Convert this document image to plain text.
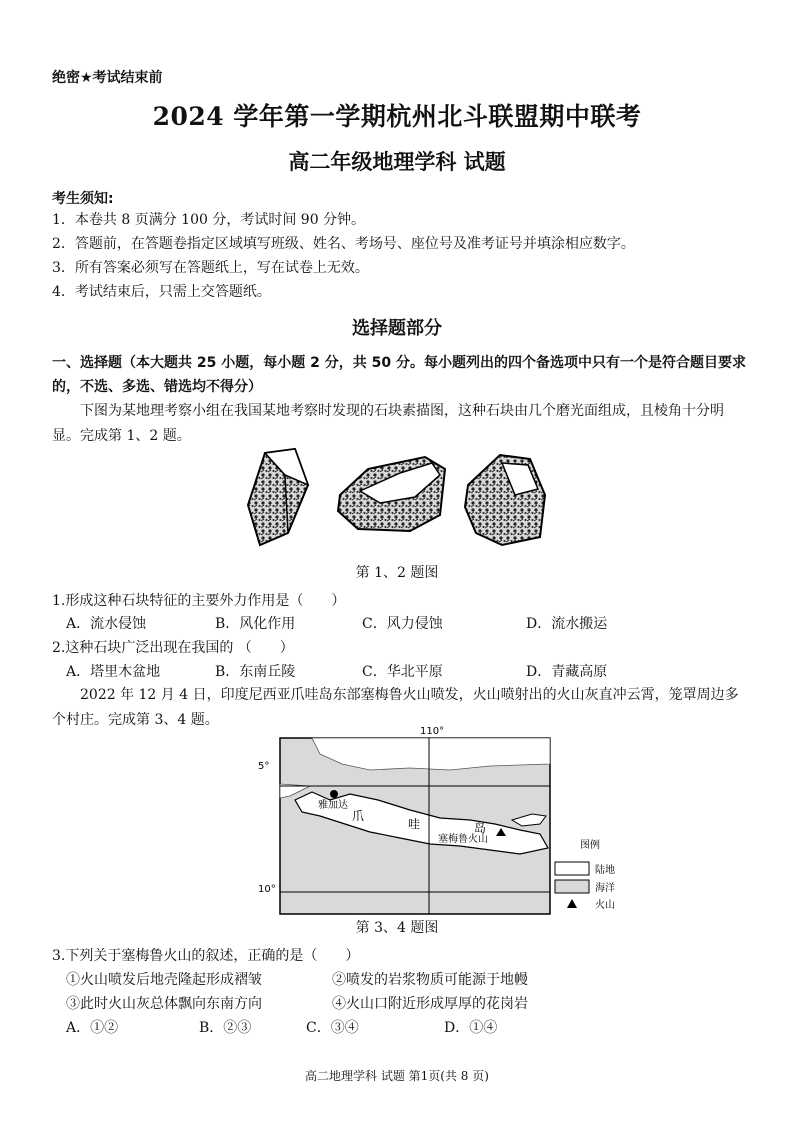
绝密★考试结束前
2024 学年第一学期杭州北斗联盟期中联考
高二年级地理学科 试题
考生须知:
1．本卷共 8 页满分 100 分，考试时间 90 分钟。
2．答题前，在答题卷指定区域填写班级、姓名、考场号、座位号及准考证号并填涂相应数字。
3．所有答案必须写在答题纸上，写在试卷上无效。
4．考试结束后，只需上交答题纸。
选择题部分
一、选择题（本大题共 25 小题，每小题 2 分，共 50 分。每小题列出的四个备选项中只有一个是符合题目要求的，不选、多选、错选均不得分）
下图为某地理考察小组在我国某地考察时发现的石块素描图，这种石块由几个磨光面组成，且棱角十分明显。完成第 1、2 题。
第 1、2 题图
1.形成这种石块特征的主要外力作用是（　　）
A．流水侵蚀	B．风化作用	C．风力侵蚀	D．流水搬运
2.这种石块广泛出现在我国的 （　　）
A．塔里木盆地	B．东南丘陵	C．华北平原	D．青藏高原
2022 年 12 月 4 日，印度尼西亚爪哇岛东部塞梅鲁火山喷发，火山喷射出的火山灰直冲云霄，笼罩周边多个村庄。完成第 3、4 题。
110°
5°
10°
雅加达
爪
哇	岛
塞梅鲁火山
图例
陆地
海洋
火山
第 3、4 题图
3.下列关于塞梅鲁火山的叙述，正确的是（　　）
①火山喷发后地壳隆起形成褶皱	②喷发的岩浆物质可能源于地幔
③此时火山灰总体飘向东南方向	④火山口附近形成厚厚的花岗岩
A．①②	B．②③	C．③④	D．①④
高二地理学科 试题 第1页(共 8 页)
